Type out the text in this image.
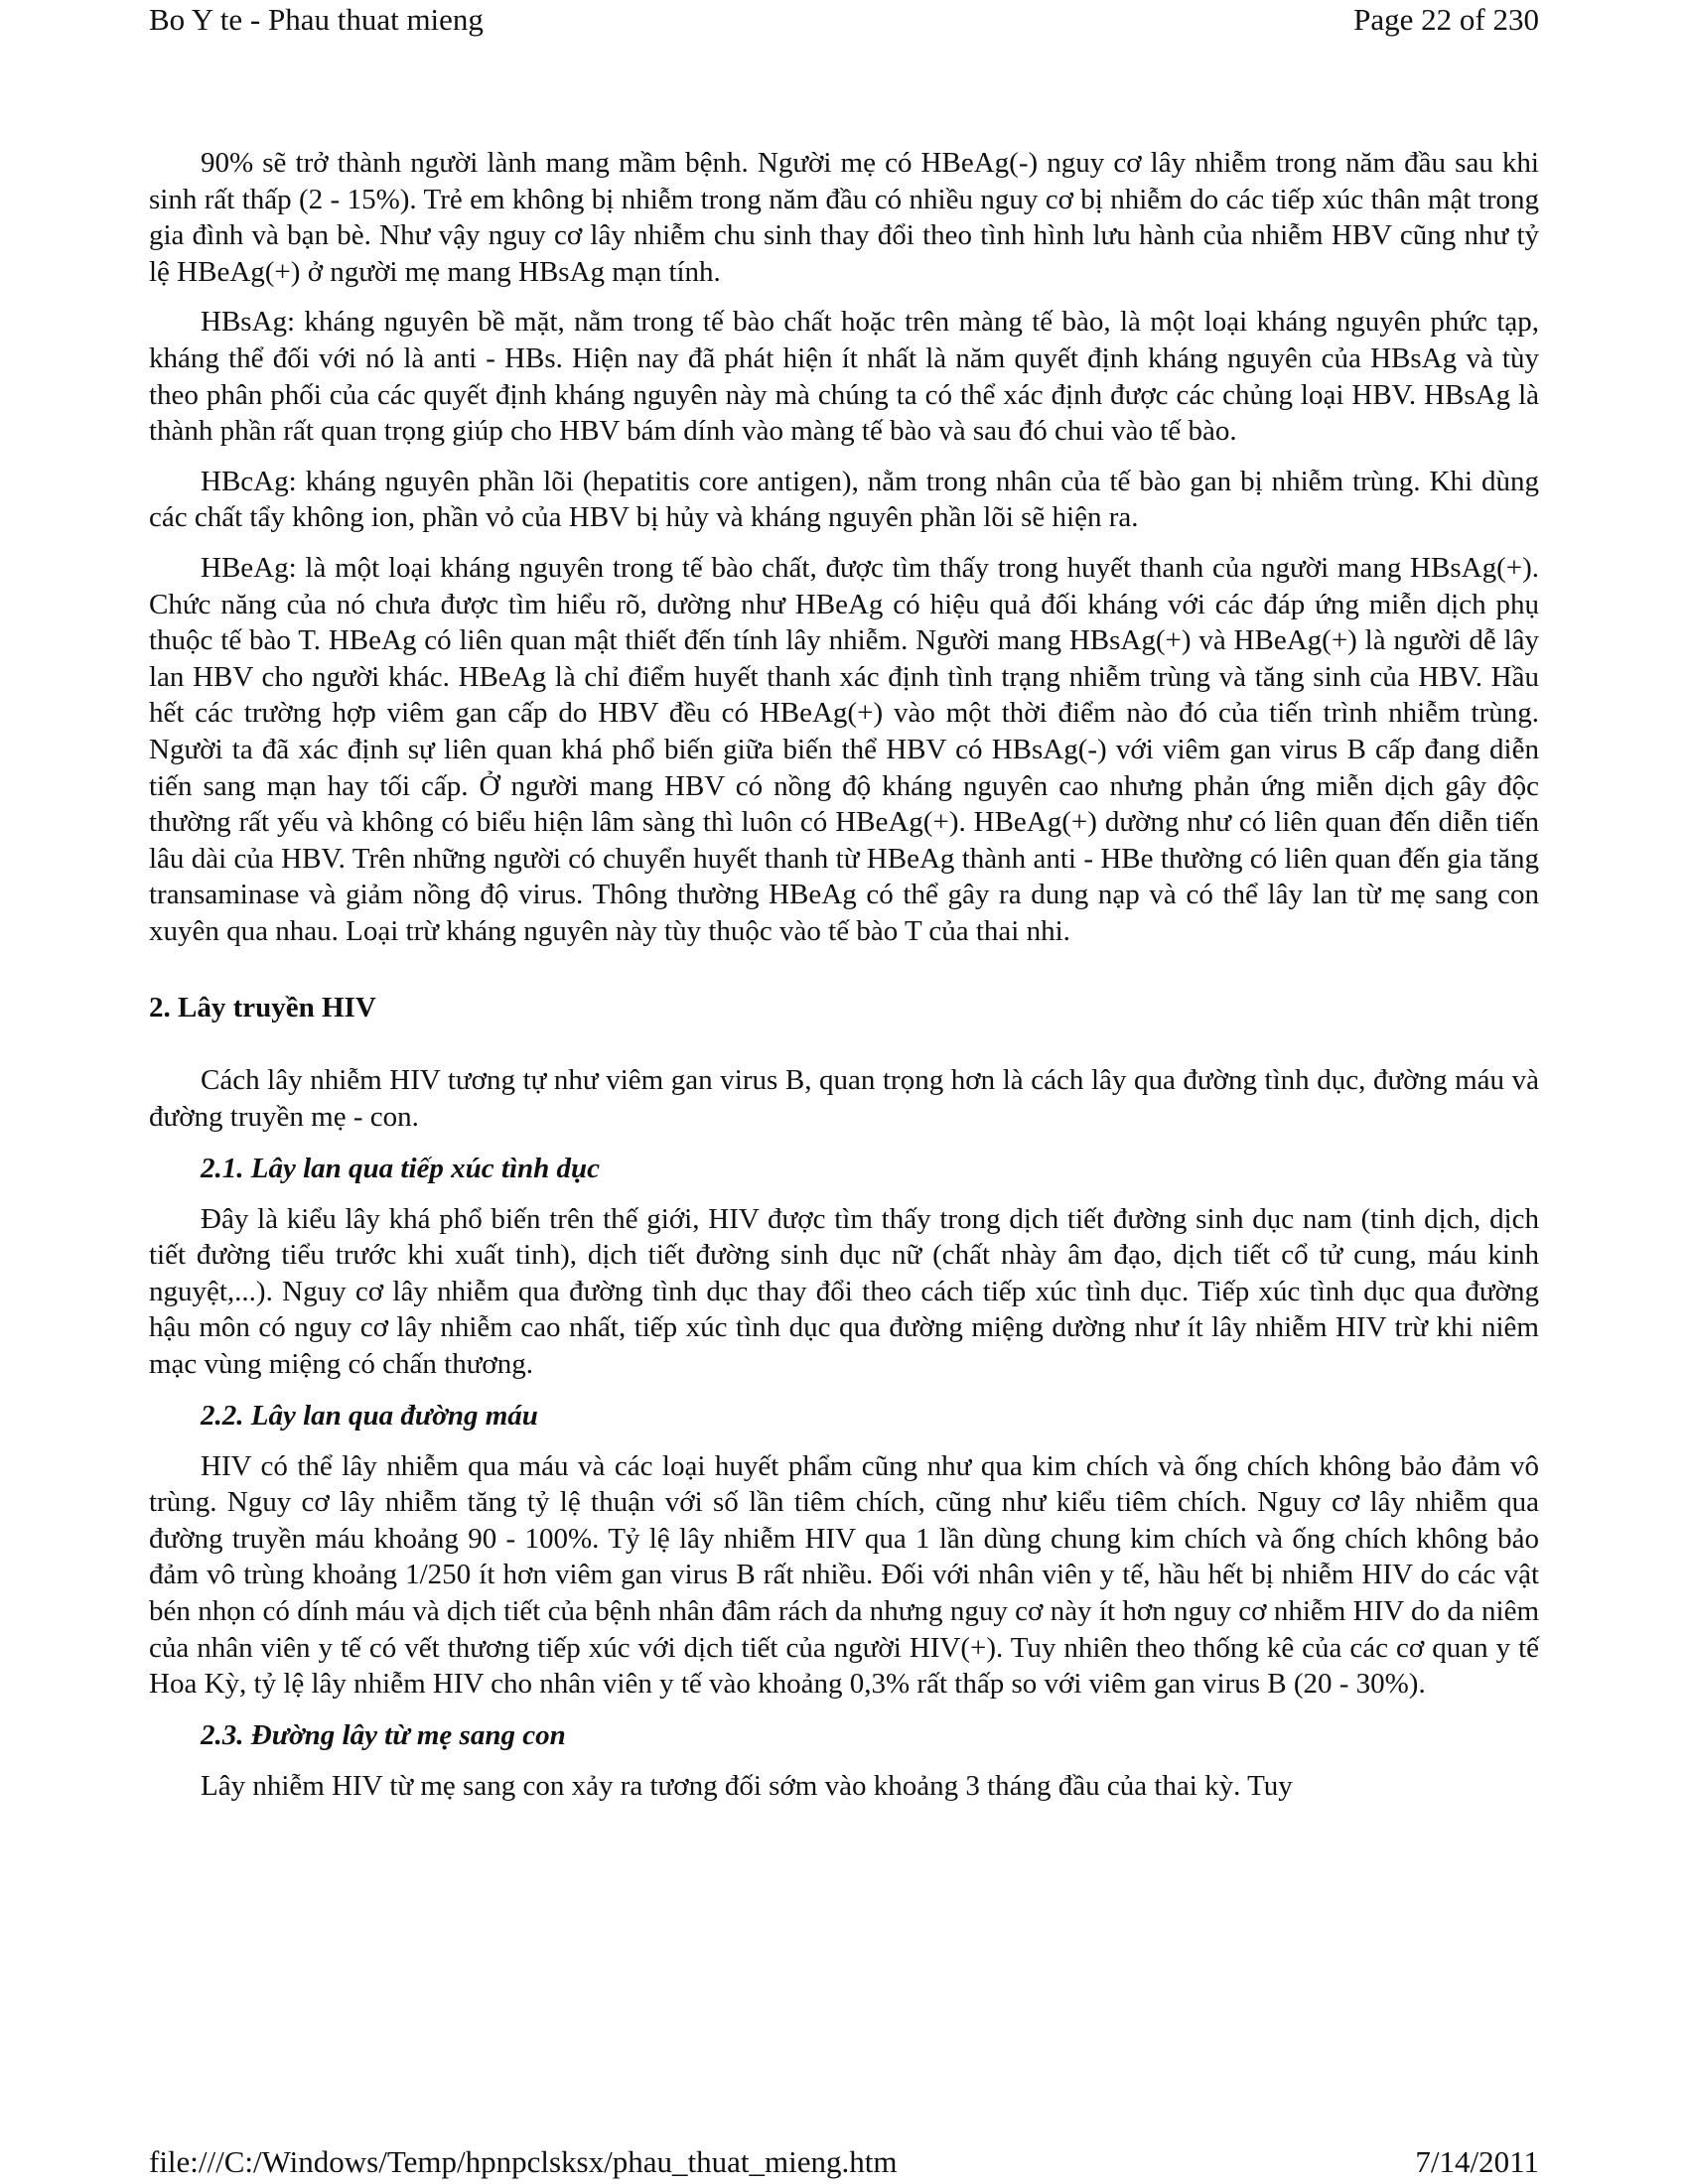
Bo Y te - Phau thuat mieng	Page 22 of 230

90% sẽ trở thành người lành mang mầm bệnh. Người mẹ có HBeAg(-) nguy cơ lây nhiễm trong năm đầu sau khi sinh rất thấp (2 - 15%). Trẻ em không bị nhiễm trong năm đầu có nhiều nguy cơ bị nhiễm do các tiếp xúc thân mật trong gia đình và bạn bè. Như vậy nguy cơ lây nhiễm chu sinh thay đổi theo tình hình lưu hành của nhiễm HBV cũng như tỷ lệ HBeAg(+) ở người mẹ mang HBsAg mạn tính.

HBsAg: kháng nguyên bề mặt, nằm trong tế bào chất hoặc trên màng tế bào, là một loại kháng nguyên phức tạp, kháng thể đối với nó là anti - HBs. Hiện nay đã phát hiện ít nhất là năm quyết định kháng nguyên của HBsAg và tùy theo phân phối của các quyết định kháng nguyên này mà chúng ta có thể xác định được các chủng loại HBV. HBsAg là thành phần rất quan trọng giúp cho HBV bám dính vào màng tế bào và sau đó chui vào tế bào.

HBcAg: kháng nguyên phần lõi (hepatitis core antigen), nằm trong nhân của tế bào gan bị nhiễm trùng. Khi dùng các chất tẩy không ion, phần vỏ của HBV bị hủy và kháng nguyên phần lõi sẽ hiện ra.

HBeAg: là một loại kháng nguyên trong tế bào chất, được tìm thấy trong huyết thanh của người mang HBsAg(+). Chức năng của nó chưa được tìm hiểu rõ, dường như HBeAg có hiệu quả đối kháng với các đáp ứng miễn dịch phụ thuộc tế bào T. HBeAg có liên quan mật thiết đến tính lây nhiễm. Người mang HBsAg(+) và HBeAg(+) là người dễ lây lan HBV cho người khác. HBeAg là chỉ điểm huyết thanh xác định tình trạng nhiễm trùng và tăng sinh của HBV. Hầu hết các trường hợp viêm gan cấp do HBV đều có HBeAg(+) vào một thời điểm nào đó của tiến trình nhiễm trùng. Người ta đã xác định sự liên quan khá phổ biến giữa biến thể HBV có HBsAg(-) với viêm gan virus B cấp đang diễn tiến sang mạn hay tối cấp. Ở người mang HBV có nồng độ kháng nguyên cao nhưng phản ứng miễn dịch gây độc thường rất yếu và không có biểu hiện lâm sàng thì luôn có HBeAg(+). HBeAg(+) dường như có liên quan đến diễn tiến lâu dài của HBV. Trên những người có chuyển huyết thanh từ HBeAg thành anti - HBe thường có liên quan đến gia tăng transaminase và giảm nồng độ virus. Thông thường HBeAg có thể gây ra dung nạp và có thể lây lan từ mẹ sang con xuyên qua nhau. Loại trừ kháng nguyên này tùy thuộc vào tế bào T của thai nhi.

2. Lây truyền HIV

Cách lây nhiễm HIV tương tự như viêm gan virus B, quan trọng hơn là cách lây qua đường tình dục, đường máu và đường truyền mẹ - con.

2.1. Lây lan qua tiếp xúc tình dục

Đây là kiểu lây khá phổ biến trên thế giới, HIV được tìm thấy trong dịch tiết đường sinh dục nam (tinh dịch, dịch tiết đường tiểu trước khi xuất tinh), dịch tiết đường sinh dục nữ (chất nhày âm đạo, dịch tiết cổ tử cung, máu kinh nguyệt,...). Nguy cơ lây nhiễm qua đường tình dục thay đổi theo cách tiếp xúc tình dục. Tiếp xúc tình dục qua đường hậu môn có nguy cơ lây nhiễm cao nhất, tiếp xúc tình dục qua đường miệng dường như ít lây nhiễm HIV trừ khi niêm mạc vùng miệng có chấn thương.

2.2. Lây lan qua đường máu

HIV có thể lây nhiễm qua máu và các loại huyết phẩm cũng như qua kim chích và ống chích không bảo đảm vô trùng. Nguy cơ lây nhiễm tăng tỷ lệ thuận với số lần tiêm chích, cũng như kiểu tiêm chích. Nguy cơ lây nhiễm qua đường truyền máu khoảng 90 - 100%. Tỷ lệ lây nhiễm HIV qua 1 lần dùng chung kim chích và ống chích không bảo đảm vô trùng khoảng 1/250 ít hơn viêm gan virus B rất nhiều. Đối với nhân viên y tế, hầu hết bị nhiễm HIV do các vật bén nhọn có dính máu và dịch tiết của bệnh nhân đâm rách da nhưng nguy cơ này ít hơn nguy cơ nhiễm HIV do da niêm của nhân viên y tế có vết thương tiếp xúc với dịch tiết của người HIV(+). Tuy nhiên theo thống kê của các cơ quan y tế Hoa Kỳ, tỷ lệ lây nhiễm HIV cho nhân viên y tế vào khoảng 0,3% rất thấp so với viêm gan virus B (20 - 30%).

2.3. Đường lây từ mẹ sang con

Lây nhiễm HIV từ mẹ sang con xảy ra tương đối sớm vào khoảng 3 tháng đầu của thai kỳ. Tuy

file:///C:/Windows/Temp/hpnpclsksx/phau_thuat_mieng.htm	7/14/2011
